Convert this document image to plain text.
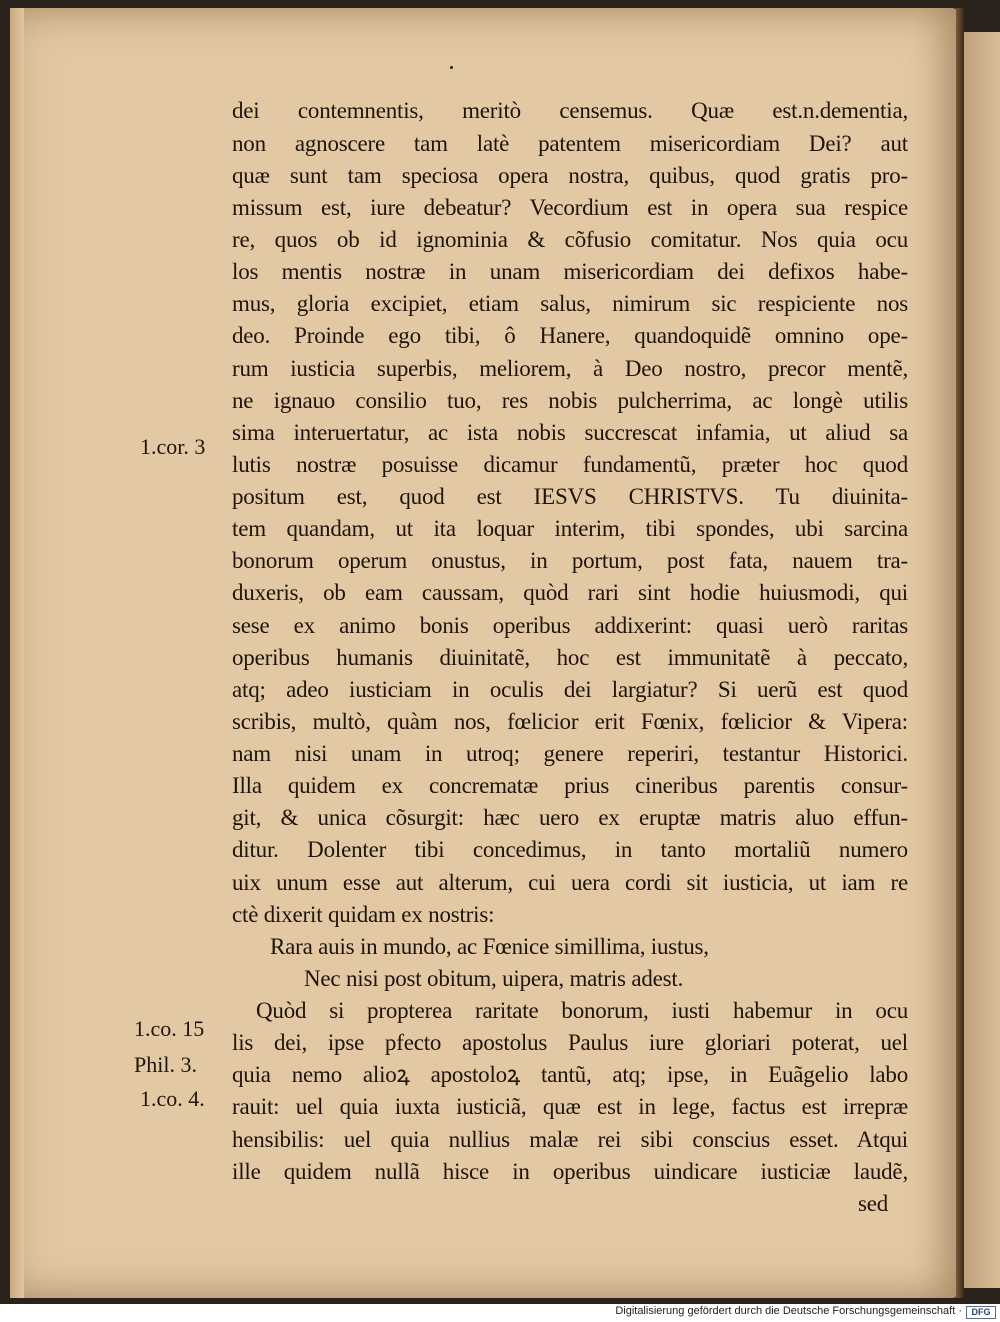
dei contemnentis, meritò censemus. Quæ est.n.dementia,
non agnoscere tam latè patentem misericordiam Dei? aut
quæ sunt tam speciosa opera nostra, quibus, quod gratis pro-
missum est, iure debeatur? Vecordium est in opera sua respice
re, quos ob id ignominia & cõfusio comitatur. Nos quia ocu
los mentis nostræ in unam misericordiam dei defixos habe-
mus, gloria excipiet, etiam salus, nimirum sic respiciente nos
deo. Proinde ego tibi, ô Hanere, quandoquidẽ omnino ope-
rum iusticia superbis, meliorem, à Deo nostro, precor mentẽ,
ne ignauo consilio tuo, res nobis pulcherrima, ac longè utilis
sima interuertatur, ac ista nobis succrescat infamia, ut aliud sa
lutis nostræ posuisse dicamur fundamentũ, præter hoc quod
positum est, quod est IESVS CHRISTVS. Tu diuinita-
tem quandam, ut ita loquar interim, tibi spondes, ubi sarcina
bonorum operum onustus, in portum, post fata, nauem tra-
duxeris, ob eam caussam, quòd rari sint hodie huiusmodi, qui
sese ex animo bonis operibus addixerint: quasi uerò raritas
operibus humanis diuinitatẽ, hoc est immunitatẽ à peccato,
atq; adeo iusticiam in oculis dei largiatur? Si uerũ est quod
scribis, multò, quàm nos, fœlicior erit Fœnix, fœlicior & Vipera:
nam nisi unam in utroq; genere reperiri, testantur Historici.
Illa quidem ex concrematæ prius cineribus parentis consur-
git, & unica cõsurgit: hæc uero ex eruptæ matris aluo effun-
ditur. Dolenter tibi concedimus, in tanto mortaliũ numero
uix unum esse aut alterum, cui uera cordi sit iusticia, ut iam re
ctè dixerit quidam ex nostris:
Rara auis in mundo, ac Fœnice simillima, iustus,
Nec nisi post obitum, uipera, matris adest.
Quòd si propterea raritate bonorum, iusti habemur in ocu
lis dei, ipse pfecto apostolus Paulus iure gloriari poterat, uel
quia nemo alioꝝ apostoloꝝ tantũ, atq; ipse, in Euãgelio labo
rauit: uel quia iuxta iusticiã, quæ est in lege, factus est irrepræ
hensibilis: uel quia nullius malæ rei sibi conscius esset. Atqui
ille quidem nullã hisce in operibus uindicare iusticiæ laudẽ,
sed
1.cor. 3
1.co. 15
Phil. 3.
1.co. 4.
Digitalisierung gefördert durch die Deutsche Forschungsgemeinschaft ·	DFG
